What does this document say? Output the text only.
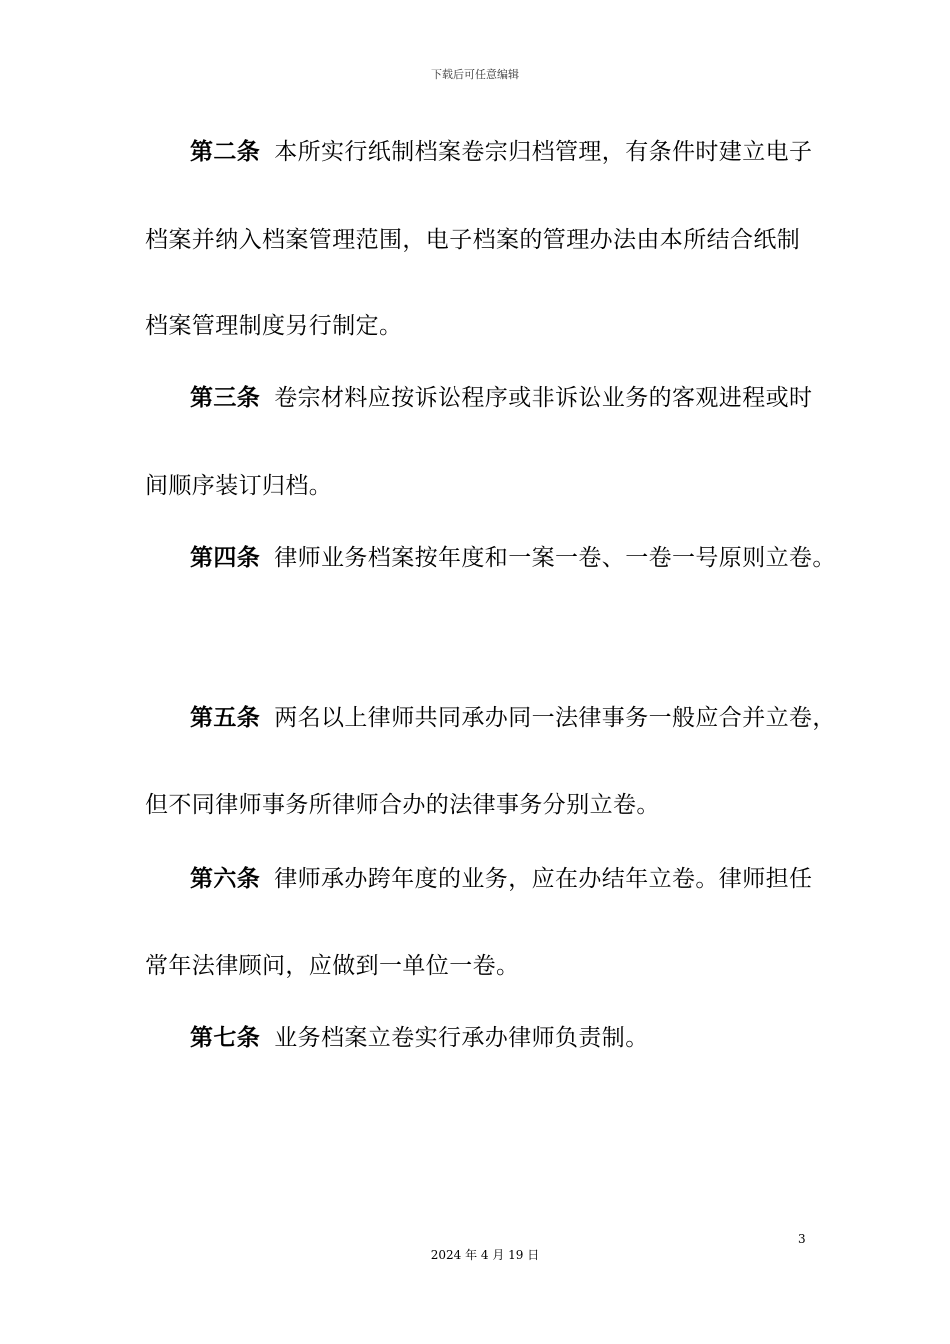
下载后可任意编辑
第二条 本所实行纸制档案卷宗归档管理，有条件时建立电子
档案并纳入档案管理范围，电子档案的管理办法由本所结合纸制
档案管理制度另行制定。
第三条 卷宗材料应按诉讼程序或非诉讼业务的客观进程或时
间顺序装订归档。
第四条 律师业务档案按年度和一案一卷、一卷一号原则立卷。
第五条 两名以上律师共同承办同一法律事务一般应合并立卷，
但不同律师事务所律师合办的法律事务分别立卷。
第六条 律师承办跨年度的业务，应在办结年立卷。律师担任
常年法律顾问，应做到一单位一卷。
第七条 业务档案立卷实行承办律师负责制。
3
2024 年 4 月 19 日
